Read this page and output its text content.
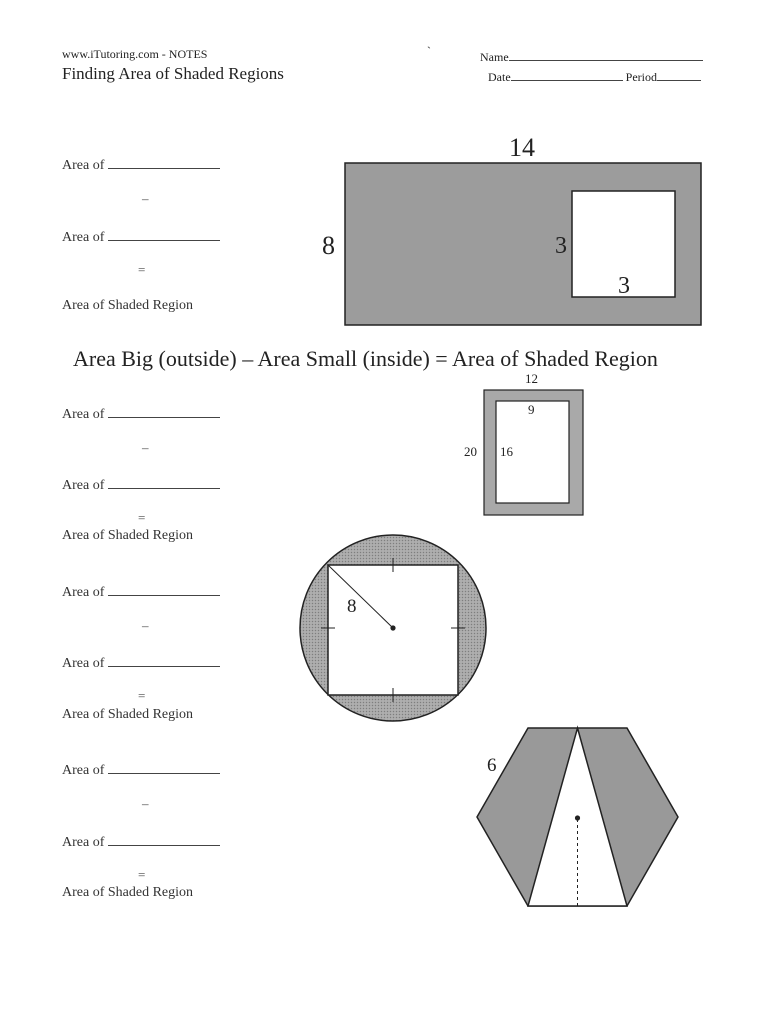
www.iTutoring.com - NOTES
Finding Area of Shaded Regions
`	Name
Date	Period
Area of
–
Area of
=
Area of Shaded Region
Area Big (outside) – Area Small (inside) = Area of Shaded Region
Area of
–
Area of
=
Area of Shaded Region
Area of
–
Area of
=
Area of Shaded Region
Area of
–
Area of
=
Area of Shaded Region
14
8	3
3
12
9
20 16
8
6
